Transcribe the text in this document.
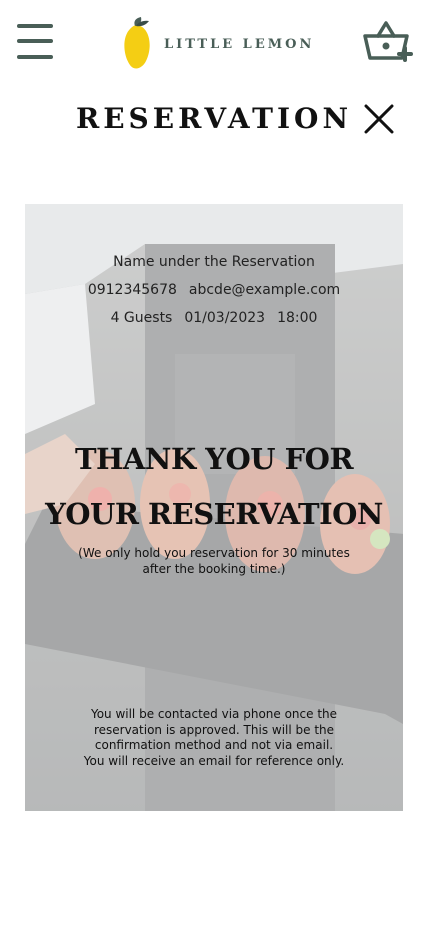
LITTLE LEMON
RESERVATION

Name under the Reservation

0912345678 abcde@example.com

4 Guests 01/03/2023 18:00

THANK YOU FOR
YOUR RESERVATION

(We only hold you reservation for 30 minutes
after the booking time.)

You will be contacted via phone once the
reservation is approved. This will be the
confirmation method and not via email.
You will receive an email for reference only.
